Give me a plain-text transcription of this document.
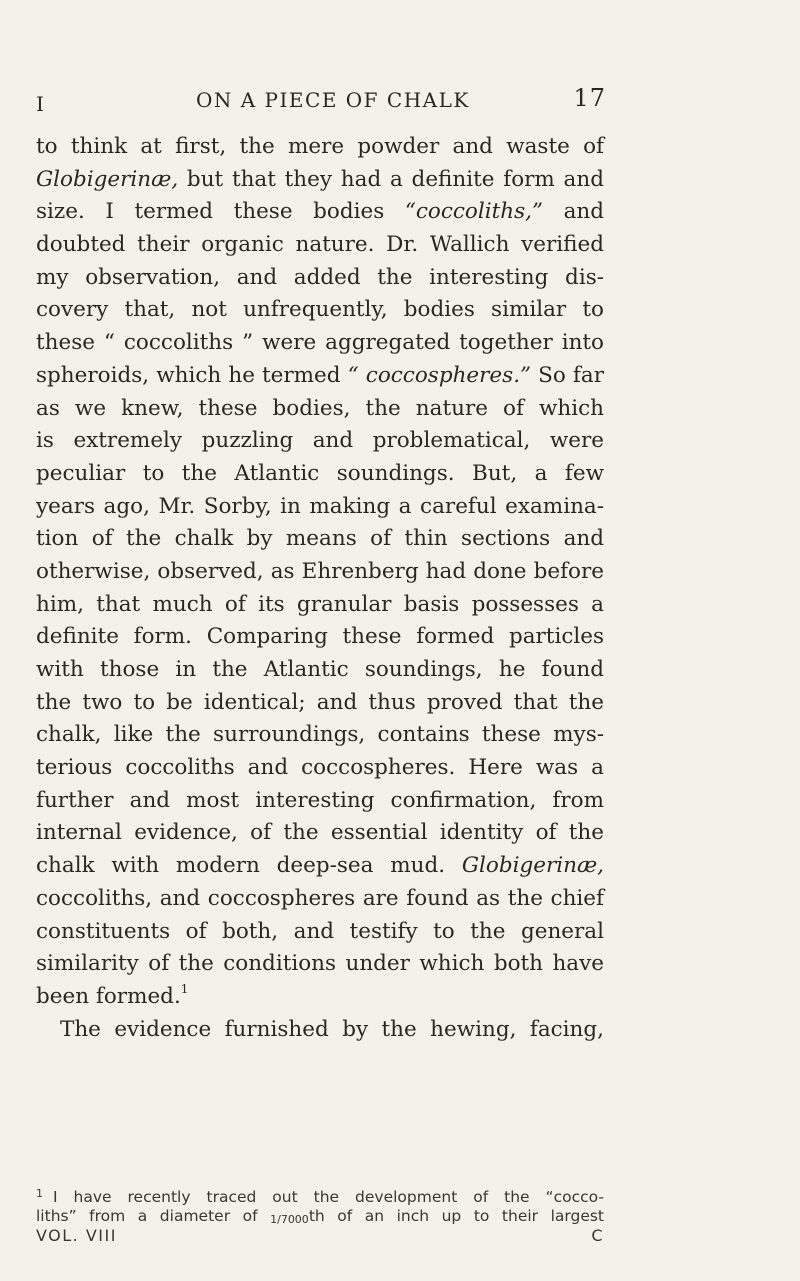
I	ON A PIECE OF CHALK	17
to think at first, the mere powder and waste of
Globigerinæ, but that they had a definite form and
size. I termed these bodies “coccoliths,” and
doubted their organic nature. Dr. Wallich verified
my observation, and added the interesting dis-
covery that, not unfrequently, bodies similar to
these “ coccoliths ” were aggregated together into
spheroids, which he termed “ coccospheres.” So far
as we knew, these bodies, the nature of which
is extremely puzzling and problematical, were
peculiar to the Atlantic soundings. But, a few
years ago, Mr. Sorby, in making a careful examina-
tion of the chalk by means of thin sections and
otherwise, observed, as Ehrenberg had done before
him, that much of its granular basis possesses a
definite form. Comparing these formed particles
with those in the Atlantic soundings, he found
the two to be identical; and thus proved that the
chalk, like the surroundings, contains these mys-
terious coccoliths and coccospheres. Here was a
further and most interesting confirmation, from
internal evidence, of the essential identity of the
chalk with modern deep-sea mud. Globigerinæ,
coccoliths, and coccospheres are found as the chief
constituents of both, and testify to the general
similarity of the conditions under which both have
been formed.$^1$
The evidence furnished by the hewing, facing,
$^1$ I have recently traced out the development of the “cocco-
liths” from a diameter of 1/7000th of an inch up to their largest
VOL. VIII	C
